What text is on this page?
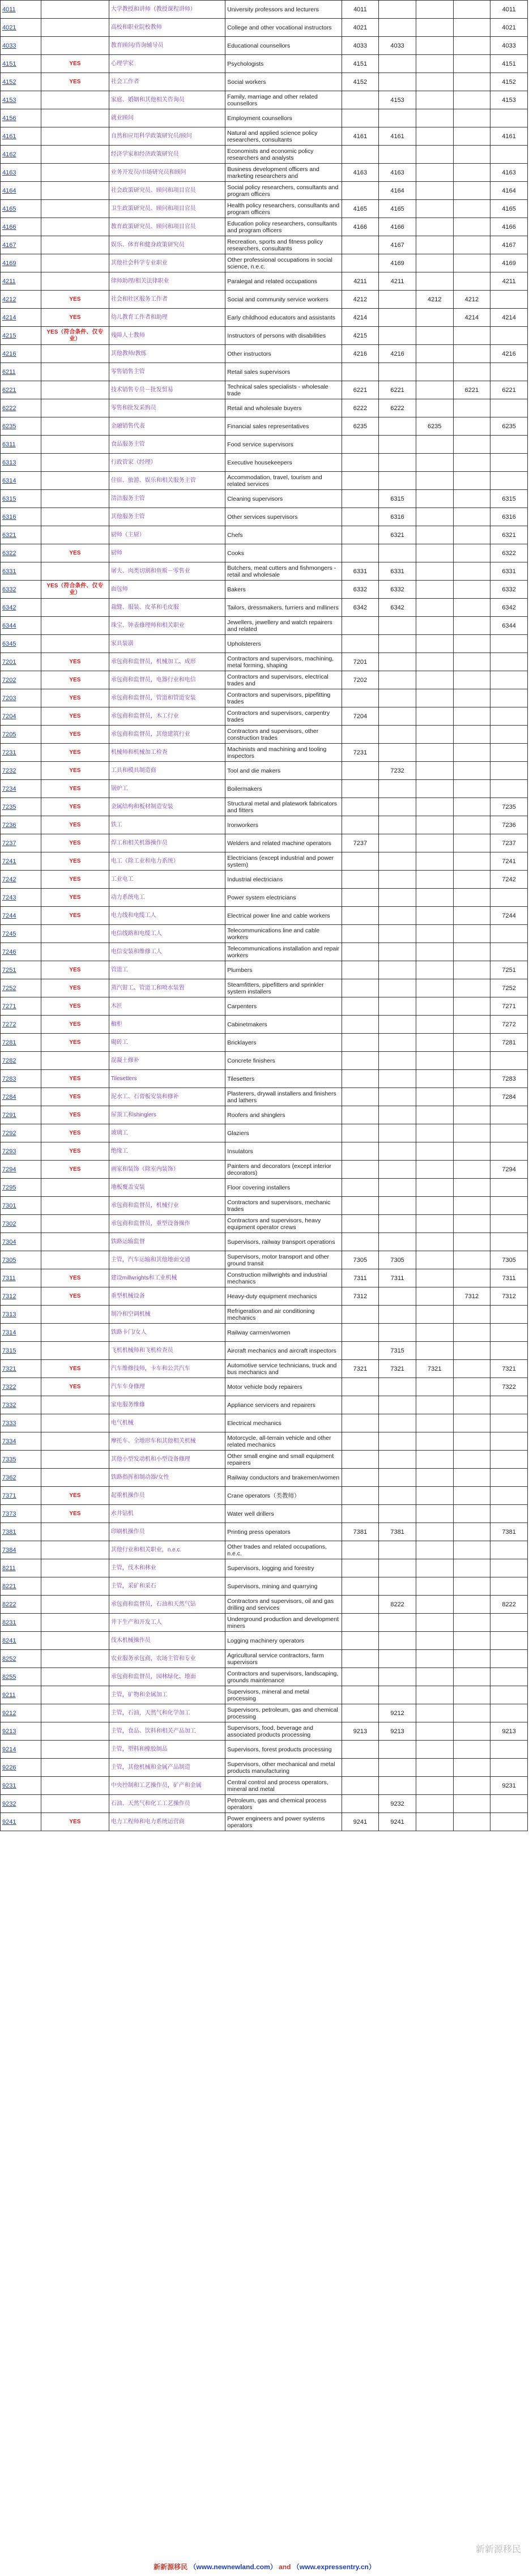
4011		大学教授和讲师（教授课程讲师）	University professors and lecturers	4011				4011
4021		高校和职业院校教师	College and other vocational instructors	4021				4021
4033		教育顾问/咨询辅导员	Educational counsellors	4033	4033			4033
4151	YES	心理学家	Psychologists	4151				4151
4152	YES	社会工作者	Social workers	4152				4152
4153		家庭、婚姻和其他相关咨询员	Family, marriage and other related counsellors		4153			4153
4156		就业顾问	Employment counsellors					
4161		自然和应用科学政策研究员/顾问	Natural and applied science policy researchers, consultants	4161	4161			4161
4162		经济学家和经济政策研究员	Economists and economic policy researchers and analysts					
4163		业务开发员/市场研究员和顾问	Business development officers and marketing researchers and	4163	4163			4163
4164		社会政策研究员、顾问和项目官员	Social policy researchers, consultants and program officers		4164			4164
4165		卫生政策研究员、顾问和项目官员	Health policy researchers, consultants and program officers	4165	4165			4165
4166		教育政策研究员、顾问和项目官员	Education policy researchers, consultants and program officers	4166	4166			4166
4167		娱乐、体育和健身政策研究员	Recreation, sports and fitness policy researchers, consultants		4167			4167
4169		其他社会科学专业职业	Other professional occupations in social science, n.e.c.		4169			4169
4211		律师助理/相关法律职业	Paralegal and related occupations	4211	4211			4211
4212	YES	社会和社区服务工作者	Social and community service workers	4212		4212	4212	
4214	YES	幼儿教育工作者和助理	Early childhood educators and assistants	4214			4214	4214
4215	YES（符合条件、仅专业）	残障人士教师	Instructors of persons with disabilities	4215				
4216		其他教师/教练	Other instructors	4216	4216			4216
6211		零售销售主管	Retail sales supervisors					
6221		技术销售专员－批发贸易	Technical sales specialists - wholesale trade	6221	6221		6221	6221
6222		零售和批发采购员	Retail and wholesale buyers	6222	6222			
6235		金融销售代表	Financial sales representatives	6235		6235		6235
6311		食品服务主管	Food service supervisors					
6313		行政管家（经理）	Executive housekeepers					
6314		住宿、旅游、娱乐和相关服务主管	Accommodation, travel, tourism and related services					
6315		清洁服务主管	Cleaning supervisors		6315			6315
6316		其他服务主管	Other services supervisors		6316			6316
6321		厨师（主厨）	Chefs		6321			6321
6322	YES	厨师	Cooks					6322
6331		屠夫、肉类切割和鱼贩－零售业	Butchers, meat cutters and fishmongers - retail and wholesale	6331	6331			6331
6332	YES（符合条件、仅专业）	面包师	Bakers	6332	6332			6332
6342		裁缝、服装、皮革和毛皮服	Tailors, dressmakers, furriers and milliners	6342	6342			6342
6344		珠宝、钟表修理师和相关职业	Jewellers, jewellery and watch repairers and related					6344
6345		家具装潢	Upholsterers					
7201	YES	承包商和监督员，机械加工、成形	Contractors and supervisors, machining, metal forming, shaping	7201				
7202	YES	承包商和监督员，电器行业和电信	Contractors and supervisors, electrical trades and	7202				
7203	YES	承包商和监督员，管道和管道安装	Contractors and supervisors, pipefitting trades					
7204	YES	承包商和监督员，木工行业	Contractors and supervisors, carpentry trades	7204				
7205	YES	承包商和监督员，其他建筑行业	Contractors and supervisors, other construction trades					
7231	YES	机械师和机械加工检查	Machinists and machining and tooling inspectors	7231				
7232	YES	工具和模具制造商	Tool and die makers		7232			
7234	YES	锅炉工	Boilermakers					
7235	YES	金属结构和板材制造安装	Structural metal and platework fabricators and fitters					7235
7236	YES	铁工	Ironworkers					7236
7237	YES	焊工和相关机器操作员	Welders and related machine operators	7237				7237
7241	YES	电工（除工业和电力系统）	Electricians (except industrial and power system)					7241
7242	YES	工业电工	Industrial electricians					7242
7243	YES	动力系统电工	Power system electricians					
7244	YES	电力线和电缆工人	Electrical power line and cable workers					7244
7245		电信线路和电缆工人	Telecommunications line and cable workers					
7246		电信安装和维修工人	Telecommunications installation and repair workers					
7251	YES	管道工	Plumbers					7251
7252	YES	蒸汽钳工、管道工和喷水装置	Steamfitters, pipefitters and sprinkler system installers					7252
7271	YES	木匠	Carpenters					7271
7272	YES	橱柜	Cabinetmakers					7272
7281	YES	砌砖工	Bricklayers					7281
7282		混凝土修补	Concrete finishers					
7283	YES	Tilesetters	Tilesetters					7283
7284	YES	泥水工、石膏板安装和修补	Plasterers, drywall installers and finishers and lathers					7284
7291	YES	屋顶工和shinglers	Roofers and shinglers					
7292	YES	玻璃工	Glaziers					
7293	YES	绝缘工	Insulators					
7294	YES	画家和装饰（除室内装饰）	Painters and decorators (except interior decorators)					7294
7295		地板覆盖安装	Floor covering installers					
7301		承包商和监督员，机械行业	Contractors and supervisors, mechanic trades					
7302		承包商和监督员，重型设备操作	Contractors and supervisors, heavy equipment operator crews					
7304		铁路运输监督	Supervisors, railway transport operations					
7305		主管，汽车运输和其他地面交通	Supervisors, motor transport and other ground transit	7305	7305			7305
7311	YES	建设millwrights和工业机械	Construction millwrights and industrial mechanics	7311	7311			7311
7312	YES	重型机械设备	Heavy-duty equipment mechanics	7312			7312	7312
7313		制冷和空调机械	Refrigeration and air conditioning mechanics					
7314		铁路卡门/女人	Railway carmen/women					
7315		飞机机械师和飞机检查员	Aircraft mechanics and aircraft inspectors		7315			
7321	YES	汽车维修技师，卡车和公共汽车	Automotive service technicians, truck and bus mechanics and	7321	7321	7321		7321
7322	YES	汽车车身修理	Motor vehicle body repairers					7322
7332		家电服务维修	Appliance servicers and repairers					
7333		电气机械	Electrical mechanics					
7334		摩托车、全地形车和其他相关机械	Motorcycle, all-terrain vehicle and other related mechanics					
7335		其他小型发动机和小型设备修理	Other small engine and small equipment repairers					
7362		铁路指挥和制动器/女性	Railway conductors and brakemen/women					
7371	YES	起重机操作员	Crane operators（类教师）					
7373	YES	水井钻机	Water well drillers					
7381		印刷机操作员	Printing press operators	7381	7381			7381
7384		其他行业和相关职业，n.e.c.	Other trades and related occupations, n.e.c.					
8211		主管，伐木和林业	Supervisors, logging and forestry					
8221		主管，采矿和采石	Supervisors, mining and quarrying					
8222		承包商和监督员，石油和天然气钻	Contractors and supervisors, oil and gas drilling and services		8222			8222
8231		井下生产和开发工人	Underground production and development miners					
8241		伐木机械操作员	Logging machinery operators					
8252		农业服务承包商，农场主管和专业	Agricultural service contractors, farm supervisors					
8255		承包商和监督员，园林绿化、地面	Contractors and supervisors, landscaping, grounds maintenance					
9211		主管，矿物和金属加工	Supervisors, mineral and metal processing					
9212		主管，石油，天然气和化学加工	Supervisors, petroleum, gas and chemical processing		9212			
9213		主管，食品、饮料和相关产品加工	Supervisors, food, beverage and associated products processing	9213	9213			9213
9214		主管，塑料和橡胶制品	Supervisors, forest products processing					
9226		主管，其他机械和金属产品制造	Supervisors, other mechanical and metal products manufacturing					
9231		中央控制和工艺操作员，矿产和金属	Central control and process operators, mineral and metal					9231
9232		石油、天然气和化工工艺操作员	Petroleum, gas and chemical process operators		9232			
9241	YES	电力工程师和电力系统运营商	Power engineers and power systems operators	9241	9241			
新新源移民
新新源移民 （www.newnewland.com） and （www.expressentry.cn）
